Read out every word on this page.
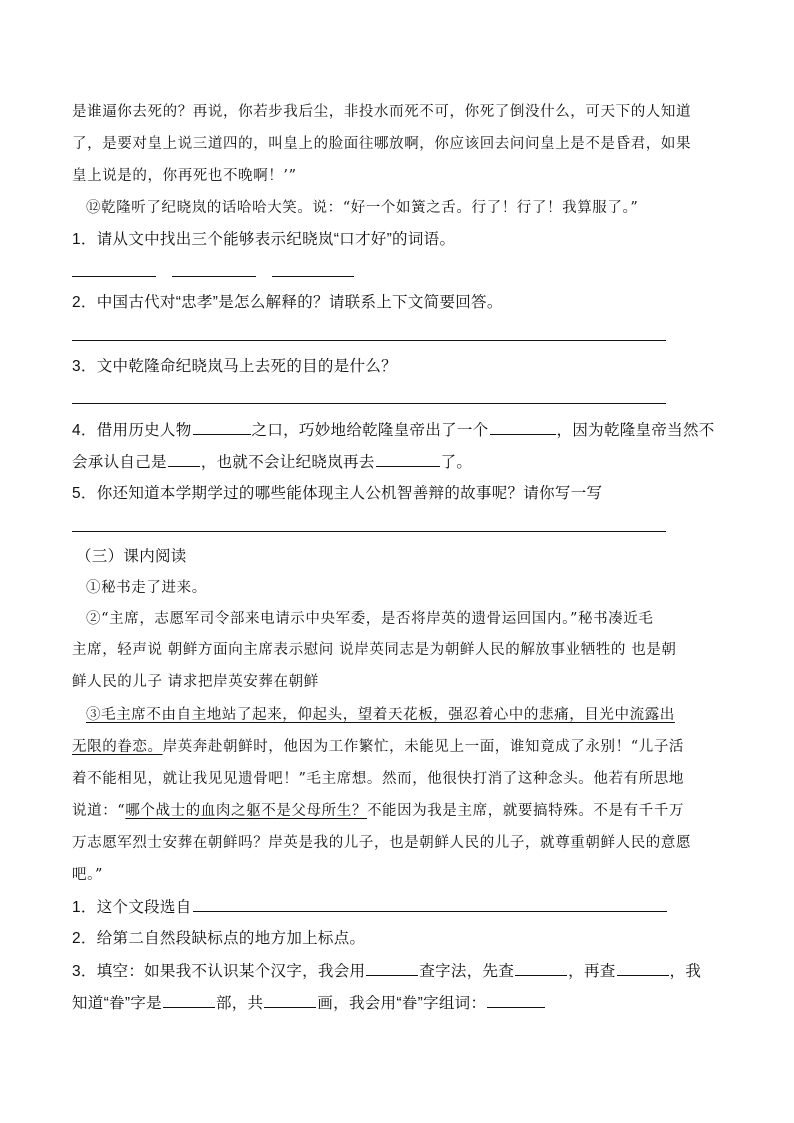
是谁逼你去死的？再说，你若步我后尘，非投水而死不可，你死了倒没什么，可天下的人知道
了，是要对皇上说三道四的，叫皇上的脸面往哪放啊，你应该回去问问皇上是不是昏君，如果
皇上说是的，你再死也不晚啊！’”
⑫乾隆听了纪晓岚的话哈哈大笑。说：“好一个如簧之舌。行了！行了！我算服了。”
1．请从文中找出三个能够表示纪晓岚“口才好”的词语。
2．中国古代对“忠孝”是怎么解释的？请联系上下文简要回答。
3．文中乾隆命纪晓岚马上去死的目的是什么？
4．借用历史人物	之口，巧妙地给乾隆皇帝出了一个	，因为乾隆皇帝当然不
会承认自己是 ，也就不会让纪晓岚再去	了。
5．你还知道本学期学过的哪些能体现主人公机智善辩的故事呢？请你写一写
（三）课内阅读
①秘书走了进来。
②“主席，志愿军司令部来电请示中央军委，是否将岸英的遗骨运回国内。”秘书凑近毛
主席，轻声说 朝鲜方面向主席表示慰问 说岸英同志是为朝鲜人民的解放事业牺牲的 也是朝
鲜人民的儿子 请求把岸英安葬在朝鲜
③毛主席不由自主地站了起来，仰起头，望着天花板，强忍着心中的悲痛，目光中流露出
无限的眷恋。岸英奔赴朝鲜时，他因为工作繁忙，未能见上一面，谁知竟成了永别！“儿子活
着不能相见，就让我见见遗骨吧！”毛主席想。然而，他很快打消了这种念头。他若有所思地
说道：“哪个战士的血肉之躯不是父母所生？不能因为我是主席，就要搞特殊。不是有千千万
万志愿军烈士安葬在朝鲜吗？岸英是我的儿子，也是朝鲜人民的儿子，就尊重朝鲜人民的意愿
吧。”
1．这个文段选自
2．给第二自然段缺标点的地方加上标点。
3．填空：如果我不认识某个汉字，我会用	查字法，先查	，再查	，我
知道“眷”字是	部，共	画，我会用“眷”字组词：
